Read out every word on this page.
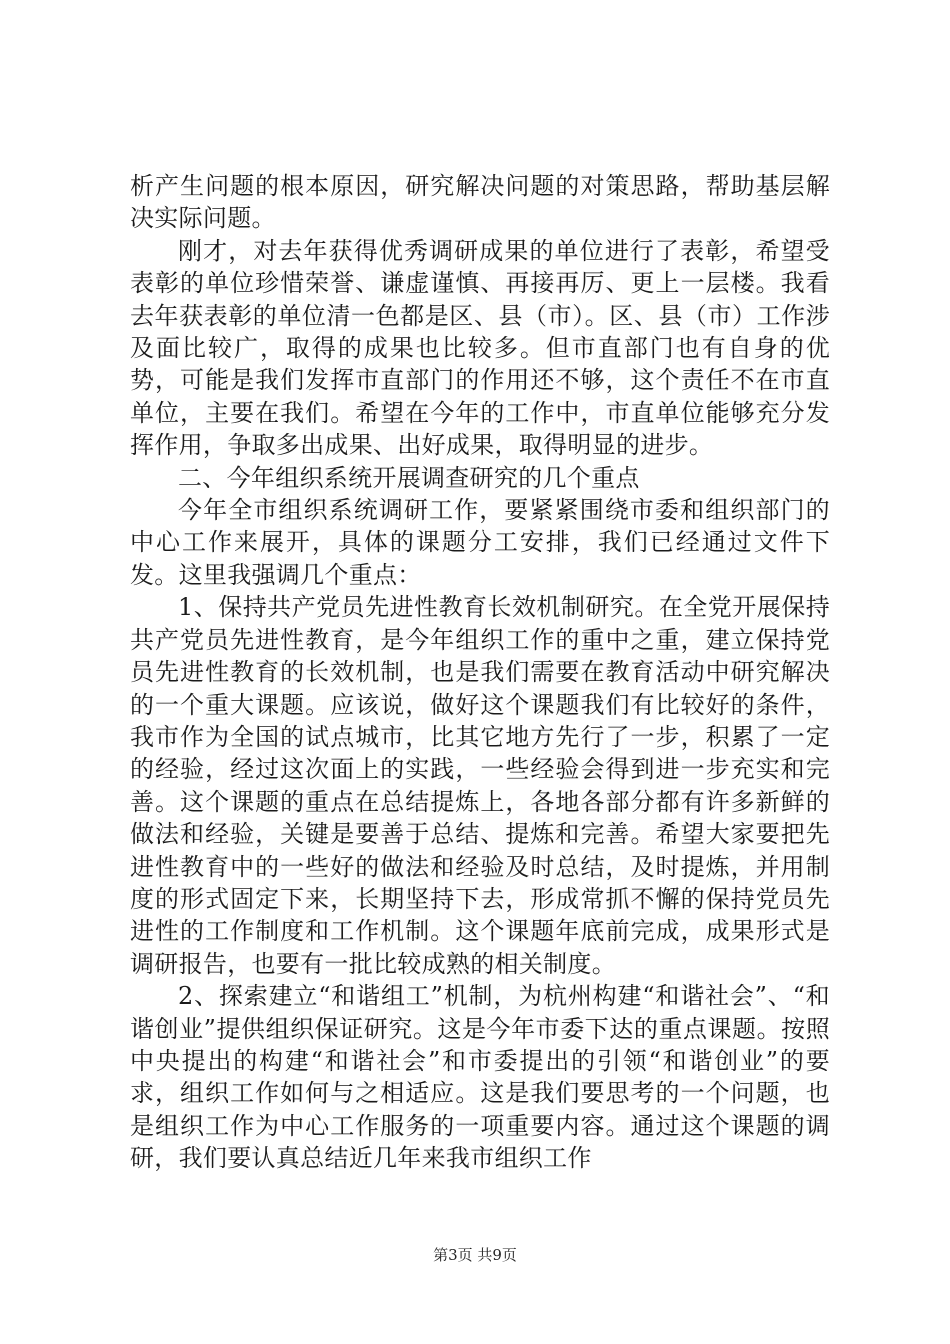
析产生问题的根本原因，研究解决问题的对策思路，帮助基层解决实际问题。

刚才，对去年获得优秀调研成果的单位进行了表彰，希望受表彰的单位珍惜荣誉、谦虚谨慎、再接再厉、更上一层楼。我看去年获表彰的单位清一色都是区、县（市）。区、县（市）工作涉及面比较广，取得的成果也比较多。但市直部门也有自身的优势，可能是我们发挥市直部门的作用还不够，这个责任不在市直单位，主要在我们。希望在今年的工作中，市直单位能够充分发挥作用，争取多出成果、出好成果，取得明显的进步。

二、今年组织系统开展调查研究的几个重点

今年全市组织系统调研工作，要紧紧围绕市委和组织部门的中心工作来展开，具体的课题分工安排，我们已经通过文件下发。这里我强调几个重点：

1、保持共产党员先进性教育长效机制研究。在全党开展保持共产党员先进性教育，是今年组织工作的重中之重，建立保持党员先进性教育的长效机制，也是我们需要在教育活动中研究解决的一个重大课题。应该说，做好这个课题我们有比较好的条件，我市作为全国的试点城市，比其它地方先行了一步，积累了一定的经验，经过这次面上的实践，一些经验会得到进一步充实和完善。这个课题的重点在总结提炼上，各地各部分都有许多新鲜的做法和经验，关键是要善于总结、提炼和完善。希望大家要把先进性教育中的一些好的做法和经验及时总结，及时提炼，并用制度的形式固定下来，长期坚持下去，形成常抓不懈的保持党员先进性的工作制度和工作机制。这个课题年底前完成，成果形式是调研报告，也要有一批比较成熟的相关制度。

2、探索建立“和谐组工”机制，为杭州构建“和谐社会”、“和谐创业”提供组织保证研究。这是今年市委下达的重点课题。按照中央提出的构建“和谐社会”和市委提出的引领“和谐创业”的要求，组织工作如何与之相适应。这是我们要思考的一个问题，也是组织工作为中心工作服务的一项重要内容。通过这个课题的调研，我们要认真总结近几年来我市组织工作

第3页 共9页
